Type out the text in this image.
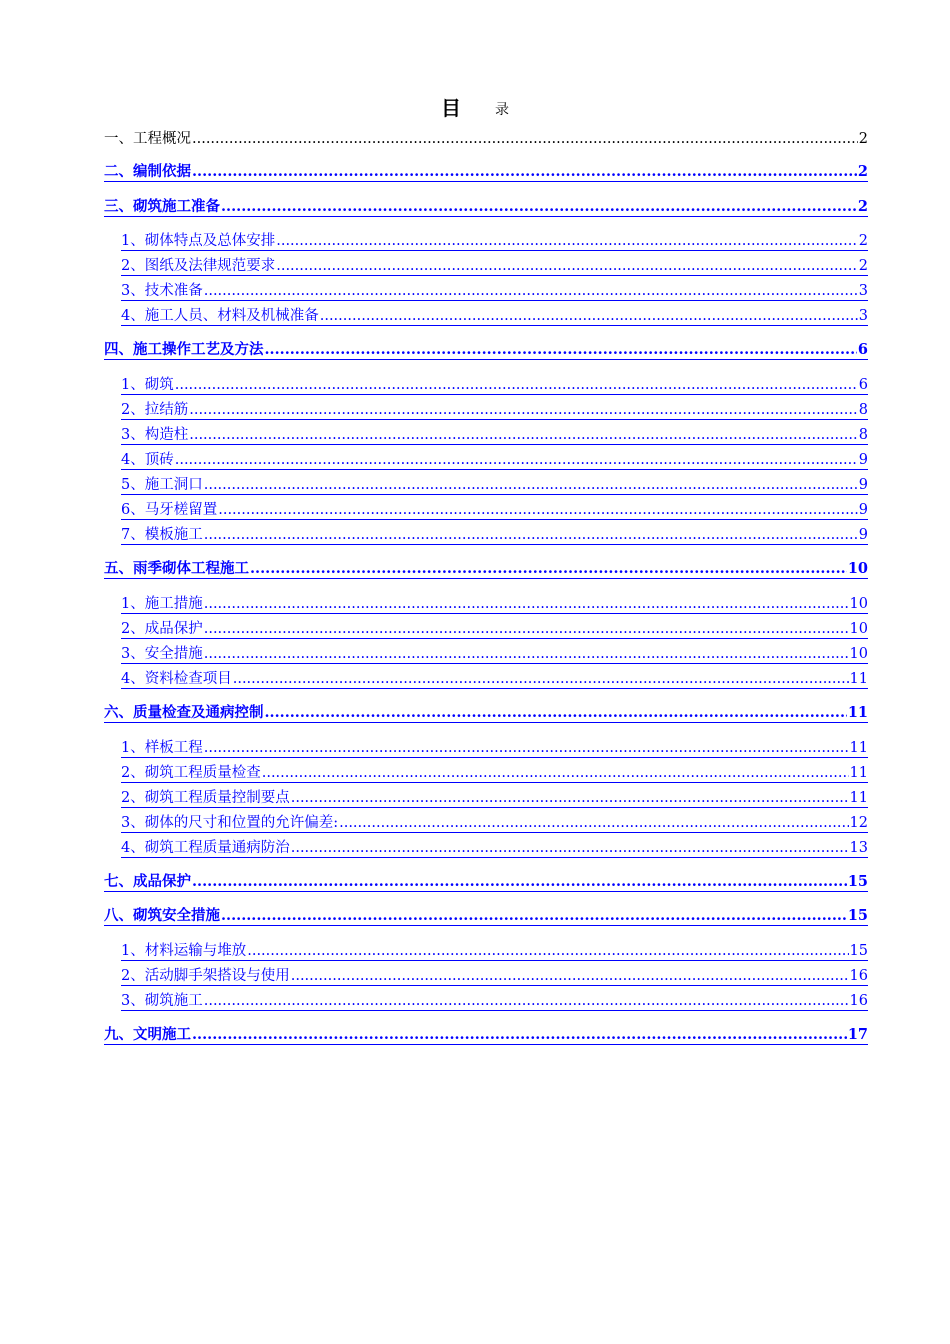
目 录
一、工程概况 .....	2
二、编制依据 .....	2
三、砌筑施工准备 .....	2
1、砌体特点及总体安排 .....	2
2、图纸及法律规范要求 .....	2
3、技术准备 .....	3
4、施工人员、材料及机械准备 .....	3
四、施工操作工艺及方法 .....	6
1、砌筑 .....	6
2、拉结筋 .....	8
3、构造柱 .....	8
4、顶砖 .....	9
5、施工洞口 .....	9
6、马牙槎留置 .....	9
7、模板施工 .....	9
五、雨季砌体工程施工 .....	10
1、施工措施 .....	10
2、成品保护 .....	10
3、安全措施 .....	10
4、资料检查项目 .....	11
六、质量检查及通病控制 .....	11
1、样板工程 .....	11
2、砌筑工程质量检查 .....	11
2、砌筑工程质量控制要点 .....	11
3、砌体的尺寸和位置的允许偏差: .....	12
4、砌筑工程质量通病防治 .....	13
七、成品保护 .....	15
八、砌筑安全措施 .....	15
1、材料运输与堆放 .....	15
2、活动脚手架搭设与使用 .....	16
3、砌筑施工 .....	16
九、文明施工 .....	17
